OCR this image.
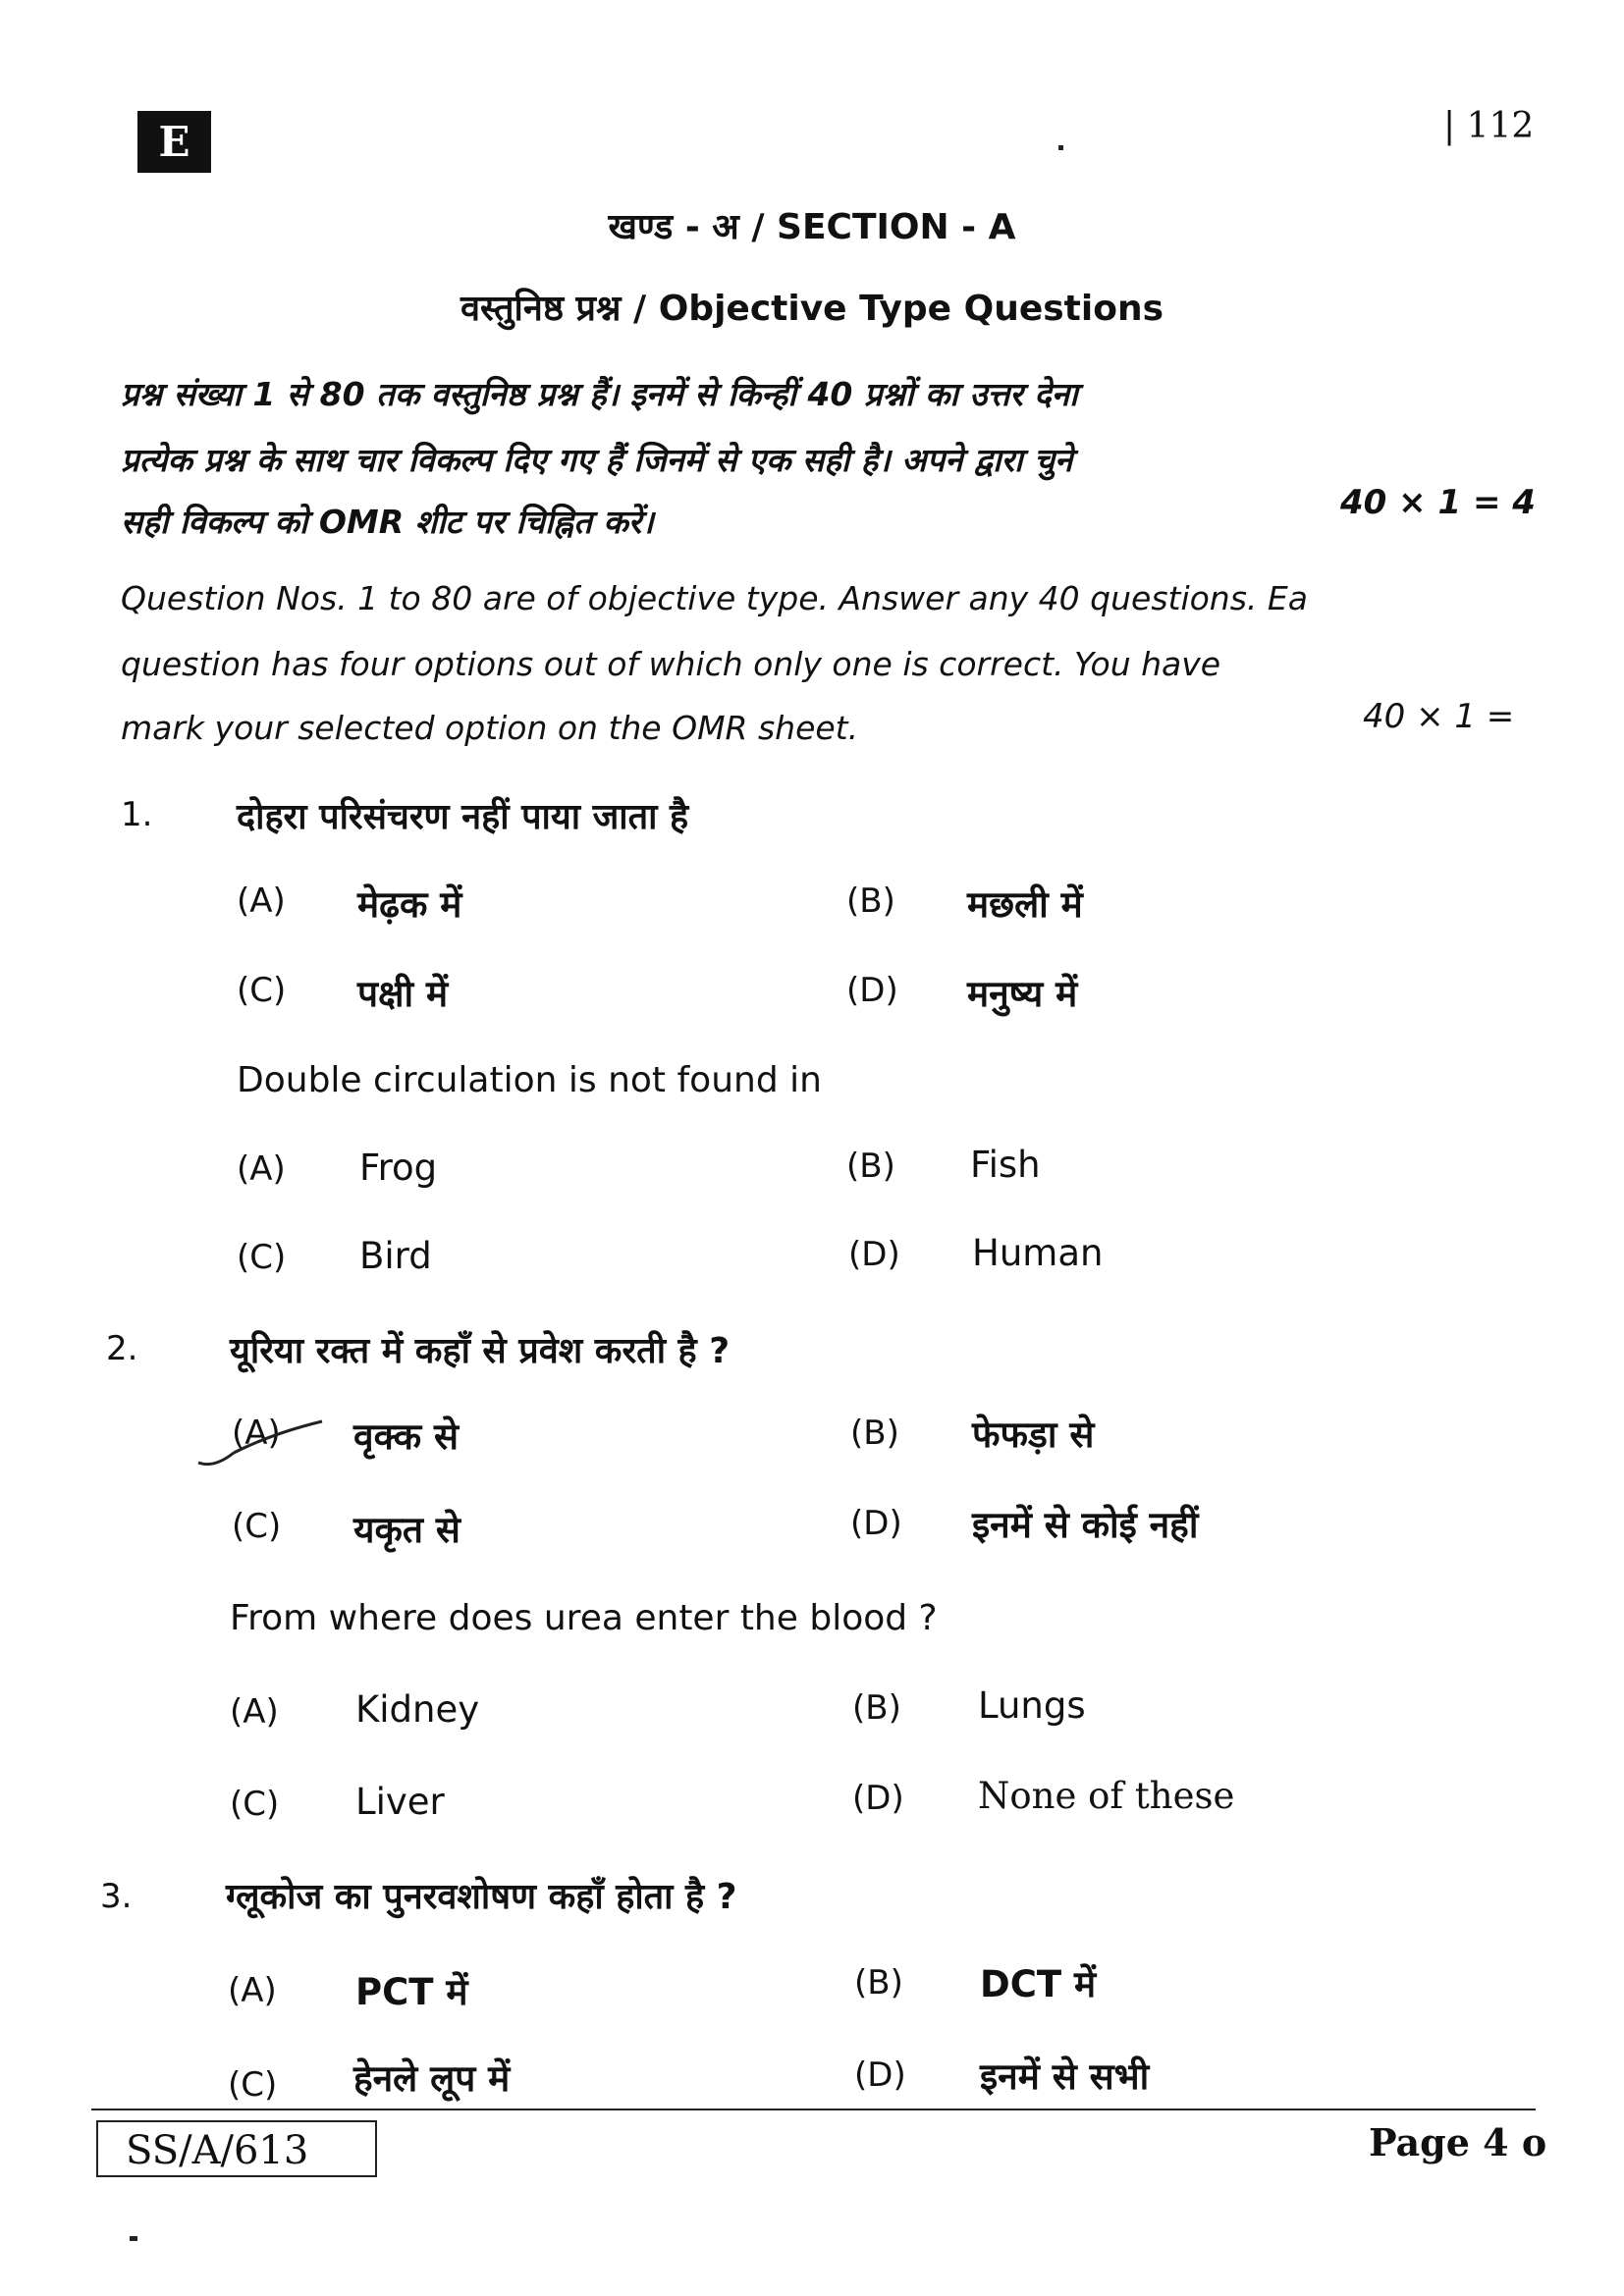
E	| 112
खण्ड - अ / SECTION - A
वस्तुनिष्ठ प्रश्न / Objective Type Questions
प्रश्न संख्या 1 से 80 तक वस्तुनिष्ठ प्रश्न हैं। इनमें से किन्हीं 40 प्रश्नों का उत्तर देना
प्रत्येक प्रश्न के साथ चार विकल्प दिए गए हैं जिनमें से एक सही है। अपने द्वारा चुने
सही विकल्प को OMR शीट पर चिह्नित करें।	40 × 1 = 4
Question Nos. 1 to 80 are of objective type. Answer any 40 questions. Ea
question has four options out of which only one is correct. You have
mark your selected option on the OMR sheet.	40 × 1 =
1. दोहरा परिसंचरण नहीं पाया जाता है
(A) मेढ़क में	(B) मछली में
(C) पक्षी में	(D) मनुष्य में
Double circulation is not found in
(A) Frog	(B) Fish
(C) Bird	(D) Human
2.	यूरिया रक्त में कहाँ से प्रवेश करती है ?
(A) वृक्क से	(B) फेफड़ा से
(C) यकृत से	(D) इनमें से कोई नहीं
From where does urea enter the blood ?
(A) Kidney	(B) Lungs
(C) Liver	(D) None of these
3.	ग्लूकोज का पुनरवशोषण कहाँ होता है ?
(A) PCT में	(B) DCT में
(C) हेनले लूप में	(D) इनमें से सभी
SS/A/613	Page 4 o
